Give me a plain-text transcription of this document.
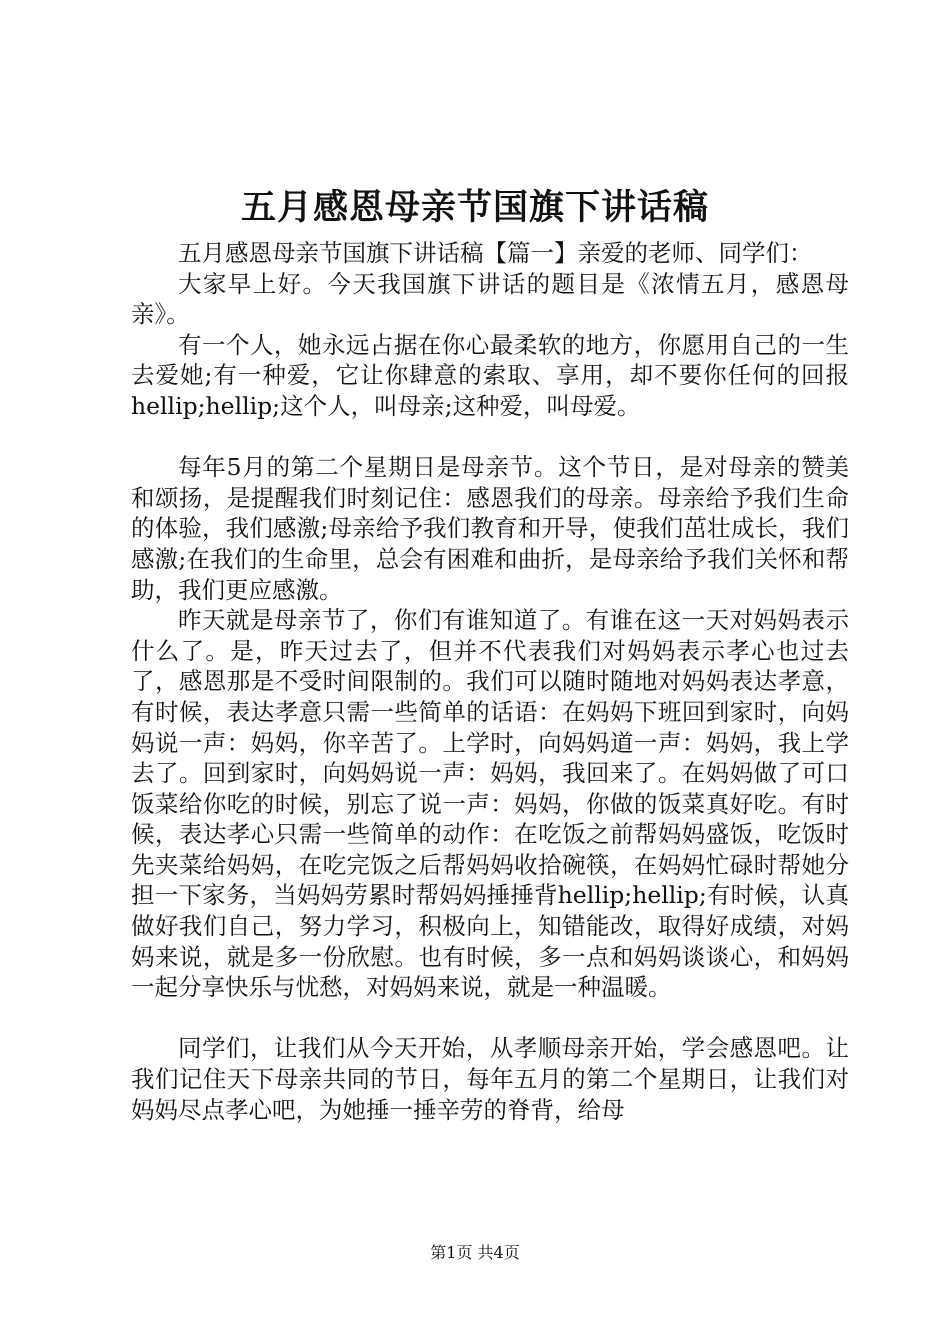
五月感恩母亲节国旗下讲话稿

五月感恩母亲节国旗下讲话稿【篇一】亲爱的老师、同学们：

大家早上好。今天我国旗下讲话的题目是《浓情五月，感恩母亲》。

有一个人，她永远占据在你心最柔软的地方，你愿用自己的一生去爱她;有一种爱，它让你肆意的索取、享用，却不要你任何的回报hellip;hellip;这个人，叫母亲;这种爱，叫母爱。

每年5月的第二个星期日是母亲节。这个节日，是对母亲的赞美和颂扬，是提醒我们时刻记住：感恩我们的母亲。母亲给予我们生命的体验，我们感激;母亲给予我们教育和开导，使我们茁壮成长，我们感激;在我们的生命里，总会有困难和曲折，是母亲给予我们关怀和帮助，我们更应感激。

昨天就是母亲节了，你们有谁知道了。有谁在这一天对妈妈表示什么了。是，昨天过去了，但并不代表我们对妈妈表示孝心也过去了，感恩那是不受时间限制的。我们可以随时随地对妈妈表达孝意，有时候，表达孝意只需一些简单的话语：在妈妈下班回到家时，向妈妈说一声：妈妈，你辛苦了。上学时，向妈妈道一声：妈妈，我上学去了。回到家时，向妈妈说一声：妈妈，我回来了。在妈妈做了可口饭菜给你吃的时候，别忘了说一声：妈妈，你做的饭菜真好吃。有时候，表达孝心只需一些简单的动作：在吃饭之前帮妈妈盛饭，吃饭时先夹菜给妈妈，在吃完饭之后帮妈妈收拾碗筷，在妈妈忙碌时帮她分担一下家务，当妈妈劳累时帮妈妈捶捶背hellip;hellip;有时候，认真做好我们自己，努力学习，积极向上，知错能改，取得好成绩，对妈妈来说，就是多一份欣慰。也有时候，多一点和妈妈谈谈心，和妈妈一起分享快乐与忧愁，对妈妈来说，就是一种温暖。

同学们，让我们从今天开始，从孝顺母亲开始，学会感恩吧。让我们记住天下母亲共同的节日，每年五月的第二个星期日，让我们对妈妈尽点孝心吧，为她捶一捶辛劳的脊背，给母

第1页 共4页
